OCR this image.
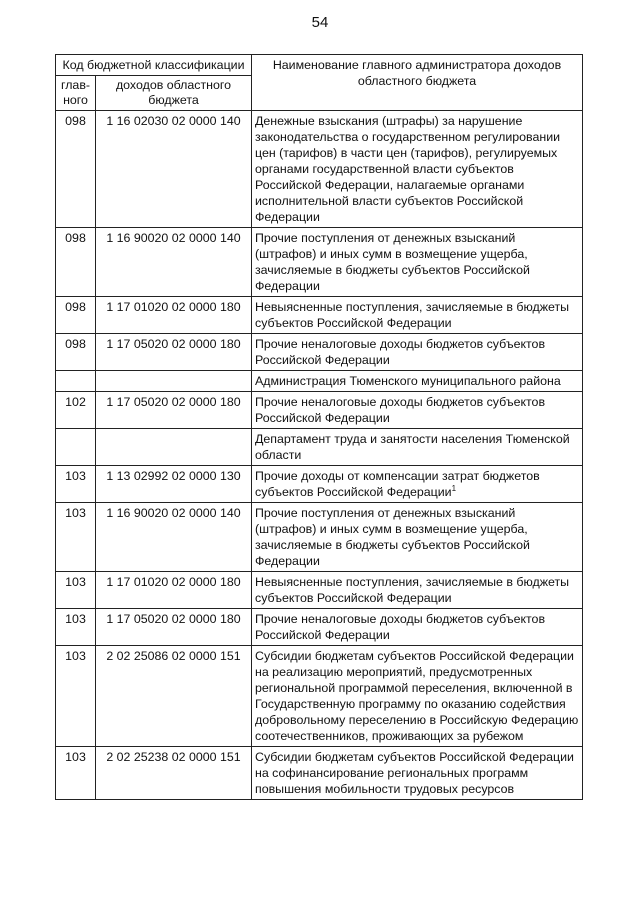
54
Код бюджетной классификации		Наименование главного администратора доходов областного бюджета
глав-
ного	доходов областного бюджета	
098	1 16 02030 02 0000 140	Денежные взыскания (штрафы) за нарушение законодательства о государственном регулировании цен (тарифов) в части цен (тарифов), регулируемых органами государственной власти субъектов Российской Федерации, налагаемые органами исполнительной власти субъектов Российской Федерации
098	1 16 90020 02 0000 140	Прочие поступления от денежных взысканий (штрафов) и иных сумм в возмещение ущерба, зачисляемые в бюджеты субъектов Российской Федерации
098	1 17 01020 02 0000 180	Невыясненные поступления, зачисляемые в бюджеты субъектов Российской Федерации
098	1 17 05020 02 0000 180	Прочие неналоговые доходы бюджетов субъектов Российской Федерации
		Администрация Тюменского муниципального района
102	1 17 05020 02 0000 180	Прочие неналоговые доходы бюджетов субъектов Российской Федерации
		Департамент труда и занятости населения Тюменской области
103	1 13 02992 02 0000 130	Прочие доходы от компенсации затрат бюджетов субъектов Российской Федерации$^1$
103	1 16 90020 02 0000 140	Прочие поступления от денежных взысканий (штрафов) и иных сумм в возмещение ущерба, зачисляемые в бюджеты субъектов Российской Федерации
103	1 17 01020 02 0000 180	Невыясненные поступления, зачисляемые в бюджеты субъектов Российской Федерации
103	1 17 05020 02 0000 180	Прочие неналоговые доходы бюджетов субъектов Российской Федерации
103	2 02 25086 02 0000 151	Субсидии бюджетам субъектов Российской Федерации на реализацию мероприятий, предусмотренных региональной программой переселения, включенной в Государственную программу по оказанию содействия добровольному переселению в Российскую Федерацию соотечественников, проживающих за рубежом
103	2 02 25238 02 0000 151	Субсидии бюджетам субъектов Российской Федерации на софинансирование региональных программ повышения мобильности трудовых ресурсов
